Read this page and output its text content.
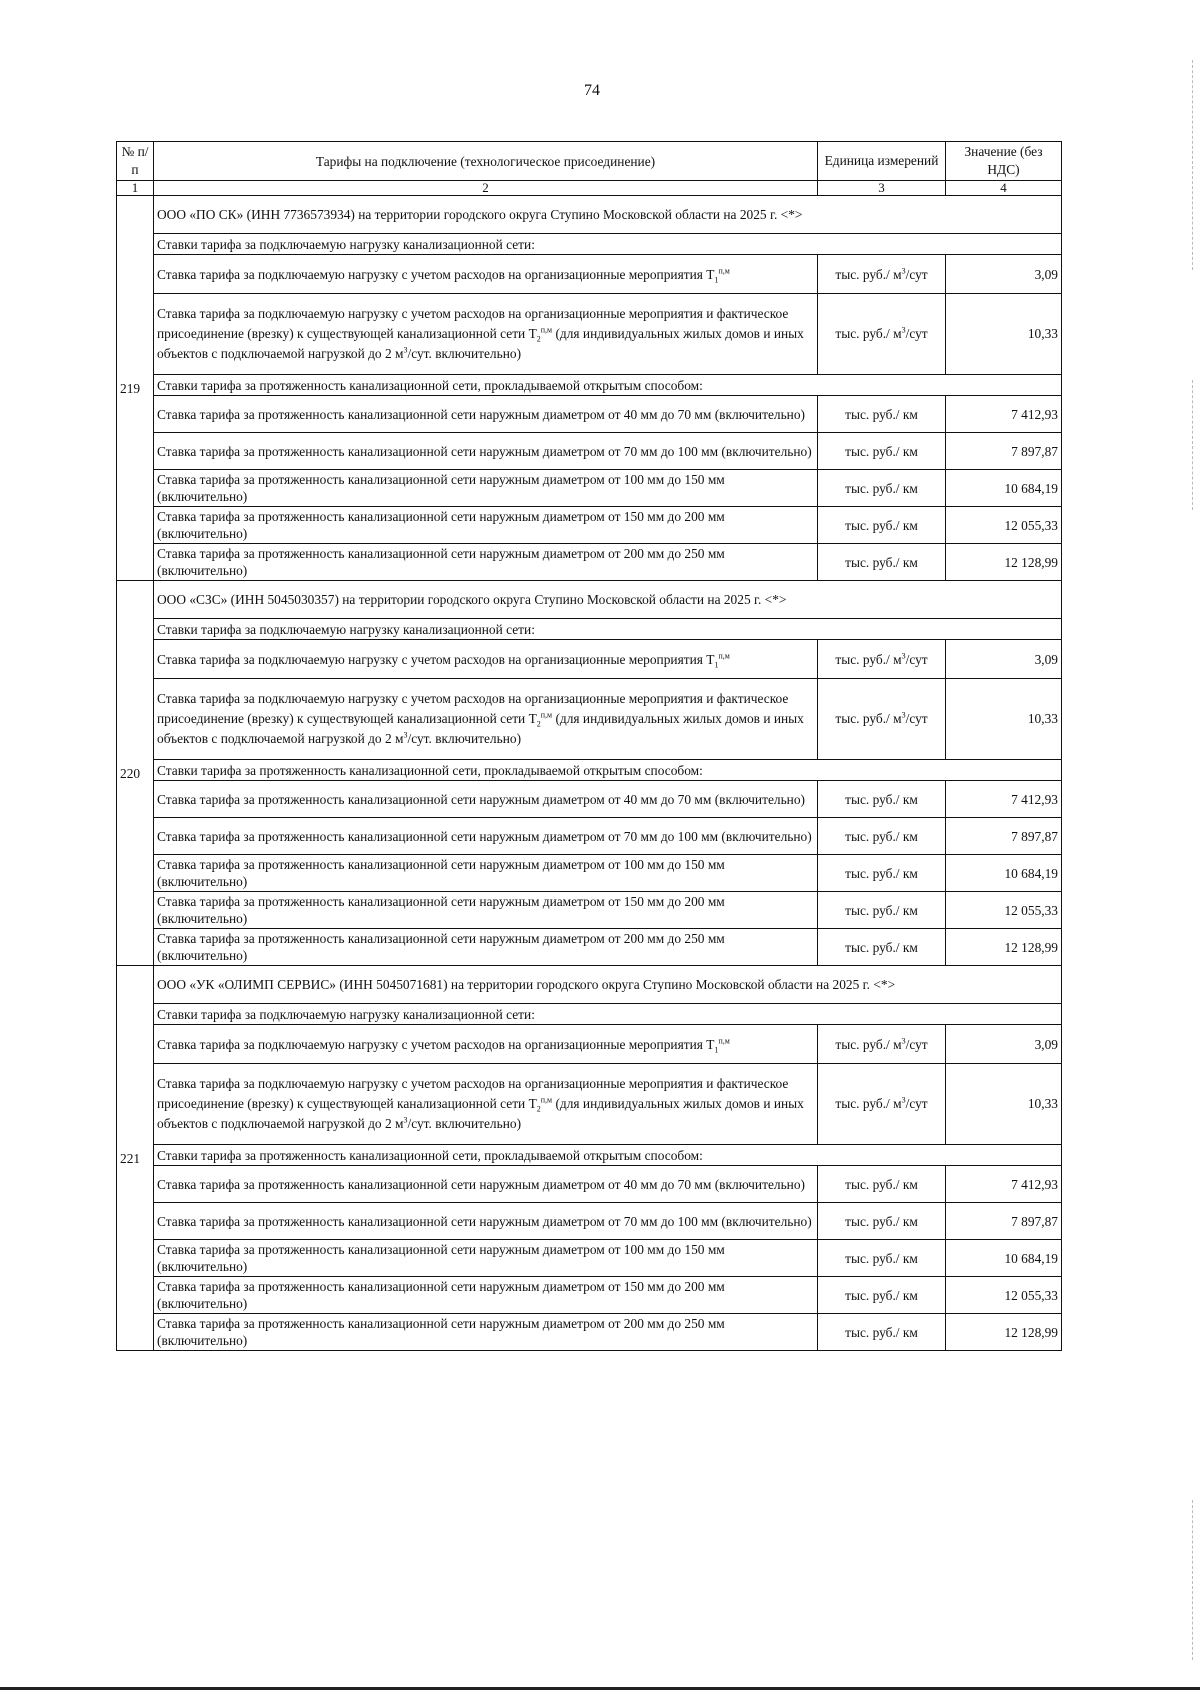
74
№ п/п	Тарифы на подключение (технологическое присоединение)	Единица измерений	Значение (без НДС)
1	2	3	4
219	ООО «ПО СК» (ИНН 7736573934) на территории городского округа Ступино Московской области на 2025 г. <*>		
	Ставки тарифа за подключаемую нагрузку канализационной сети:		
	Ставка тарифа за подключаемую нагрузку с учетом расходов на организационные мероприятия $T_1^{п,м}$	тыс. руб./ $м^3$/сут	3,09
	Ставка тарифа за подключаемую нагрузку с учетом расходов на организационные мероприятия и фактическое присоединение (врезку) к существующей канализационной сети $T_2^{п,м}$ (для индивидуальных жилых домов и иных объектов с подключаемой нагрузкой до 2 $м^3$/сут. включительно)	тыс. руб./ $м^3$/сут	10,33
	Ставки тарифа за протяженность канализационной сети, прокладываемой открытым способом:		
	Ставка тарифа за протяженность канализационной сети наружным диаметром от 40 мм до 70 мм (включительно)	тыс. руб./ км	7 412,93
	Ставка тарифа за протяженность канализационной сети наружным диаметром от 70 мм до 100 мм (включительно)	тыс. руб./ км	7 897,87
	Ставка тарифа за протяженность канализационной сети наружным диаметром от 100 мм до 150 мм (включительно)	тыс. руб./ км	10 684,19
	Ставка тарифа за протяженность канализационной сети наружным диаметром от 150 мм до 200 мм (включительно)	тыс. руб./ км	12 055,33
	Ставка тарифа за протяженность канализационной сети наружным диаметром от 200 мм до 250 мм (включительно)	тыс. руб./ км	12 128,99
220	ООО «СЗС» (ИНН 5045030357) на территории городского округа Ступино Московской области на 2025 г. <*>		
	Ставки тарифа за подключаемую нагрузку канализационной сети:		
	Ставка тарифа за подключаемую нагрузку с учетом расходов на организационные мероприятия $T_1^{п,м}$	тыс. руб./ $м^3$/сут	3,09
	Ставка тарифа за подключаемую нагрузку с учетом расходов на организационные мероприятия и фактическое присоединение (врезку) к существующей канализационной сети $T_2^{п,м}$ (для индивидуальных жилых домов и иных объектов с подключаемой нагрузкой до 2 $м^3$/сут. включительно)	тыс. руб./ $м^3$/сут	10,33
	Ставки тарифа за протяженность канализационной сети, прокладываемой открытым способом:		
	Ставка тарифа за протяженность канализационной сети наружным диаметром от 40 мм до 70 мм (включительно)	тыс. руб./ км	7 412,93
	Ставка тарифа за протяженность канализационной сети наружным диаметром от 70 мм до 100 мм (включительно)	тыс. руб./ км	7 897,87
	Ставка тарифа за протяженность канализационной сети наружным диаметром от 100 мм до 150 мм (включительно)	тыс. руб./ км	10 684,19
	Ставка тарифа за протяженность канализационной сети наружным диаметром от 150 мм до 200 мм (включительно)	тыс. руб./ км	12 055,33
	Ставка тарифа за протяженность канализационной сети наружным диаметром от 200 мм до 250 мм (включительно)	тыс. руб./ км	12 128,99
221	ООО «УК «ОЛИМП СЕРВИС» (ИНН 5045071681) на территории городского округа Ступино Московской области на 2025 г. <*>		
	Ставки тарифа за подключаемую нагрузку канализационной сети:		
	Ставка тарифа за подключаемую нагрузку с учетом расходов на организационные мероприятия $T_1^{п,м}$	тыс. руб./ $м^3$/сут	3,09
	Ставка тарифа за подключаемую нагрузку с учетом расходов на организационные мероприятия и фактическое присоединение (врезку) к существующей канализационной сети $T_2^{п,м}$ (для индивидуальных жилых домов и иных объектов с подключаемой нагрузкой до 2 $м^3$/сут. включительно)	тыс. руб./ $м^3$/сут	10,33
	Ставки тарифа за протяженность канализационной сети, прокладываемой открытым способом:		
	Ставка тарифа за протяженность канализационной сети наружным диаметром от 40 мм до 70 мм (включительно)	тыс. руб./ км	7 412,93
	Ставка тарифа за протяженность канализационной сети наружным диаметром от 70 мм до 100 мм (включительно)	тыс. руб./ км	7 897,87
	Ставка тарифа за протяженность канализационной сети наружным диаметром от 100 мм до 150 мм (включительно)	тыс. руб./ км	10 684,19
	Ставка тарифа за протяженность канализационной сети наружным диаметром от 150 мм до 200 мм (включительно)	тыс. руб./ км	12 055,33
	Ставка тарифа за протяженность канализационной сети наружным диаметром от 200 мм до 250 мм (включительно)	тыс. руб./ км	12 128,99
